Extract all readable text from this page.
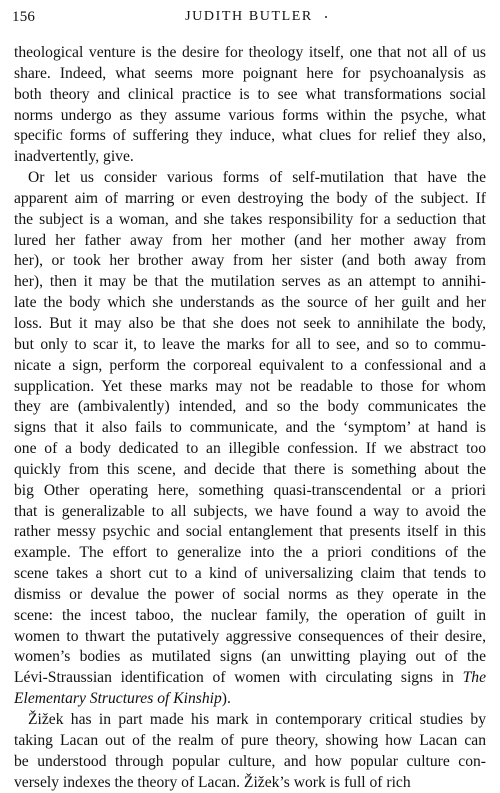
156	JUDITH BUTLER
theological venture is the desire for theology itself, one that not all of us
share. Indeed, what seems more poignant here for psychoanalysis as
both theory and clinical practice is to see what transformations social
norms undergo as they assume various forms within the psyche, what
specific forms of suffering they induce, what clues for relief they also,
inadvertently, give.
Or let us consider various forms of self-mutilation that have the
apparent aim of marring or even destroying the body of the subject. If
the subject is a woman, and she takes responsibility for a seduction that
lured her father away from her mother (and her mother away from
her), or took her brother away from her sister (and both away from
her), then it may be that the mutilation serves as an attempt to annihi-
late the body which she understands as the source of her guilt and her
loss. But it may also be that she does not seek to annihilate the body,
but only to scar it, to leave the marks for all to see, and so to commu-
nicate a sign, perform the corporeal equivalent to a confessional and a
supplication. Yet these marks may not be readable to those for whom
they are (ambivalently) intended, and so the body communicates the
signs that it also fails to communicate, and the ‘symptom’ at hand is
one of a body dedicated to an illegible confession. If we abstract too
quickly from this scene, and decide that there is something about the
big Other operating here, something quasi-transcendental or a priori
that is generalizable to all subjects, we have found a way to avoid the
rather messy psychic and social entanglement that presents itself in this
example. The effort to generalize into the a priori conditions of the
scene takes a short cut to a kind of universalizing claim that tends to
dismiss or devalue the power of social norms as they operate in the
scene: the incest taboo, the nuclear family, the operation of guilt in
women to thwart the putatively aggressive consequences of their desire,
women’s bodies as mutilated signs (an unwitting playing out of the
Lévi-Straussian identification of women with circulating signs in The
Elementary Structures of Kinship).
Žižek has in part made his mark in contemporary critical studies by
taking Lacan out of the realm of pure theory, showing how Lacan can
be understood through popular culture, and how popular culture con-
versely indexes the theory of Lacan. Žižek’s work is full of rich
